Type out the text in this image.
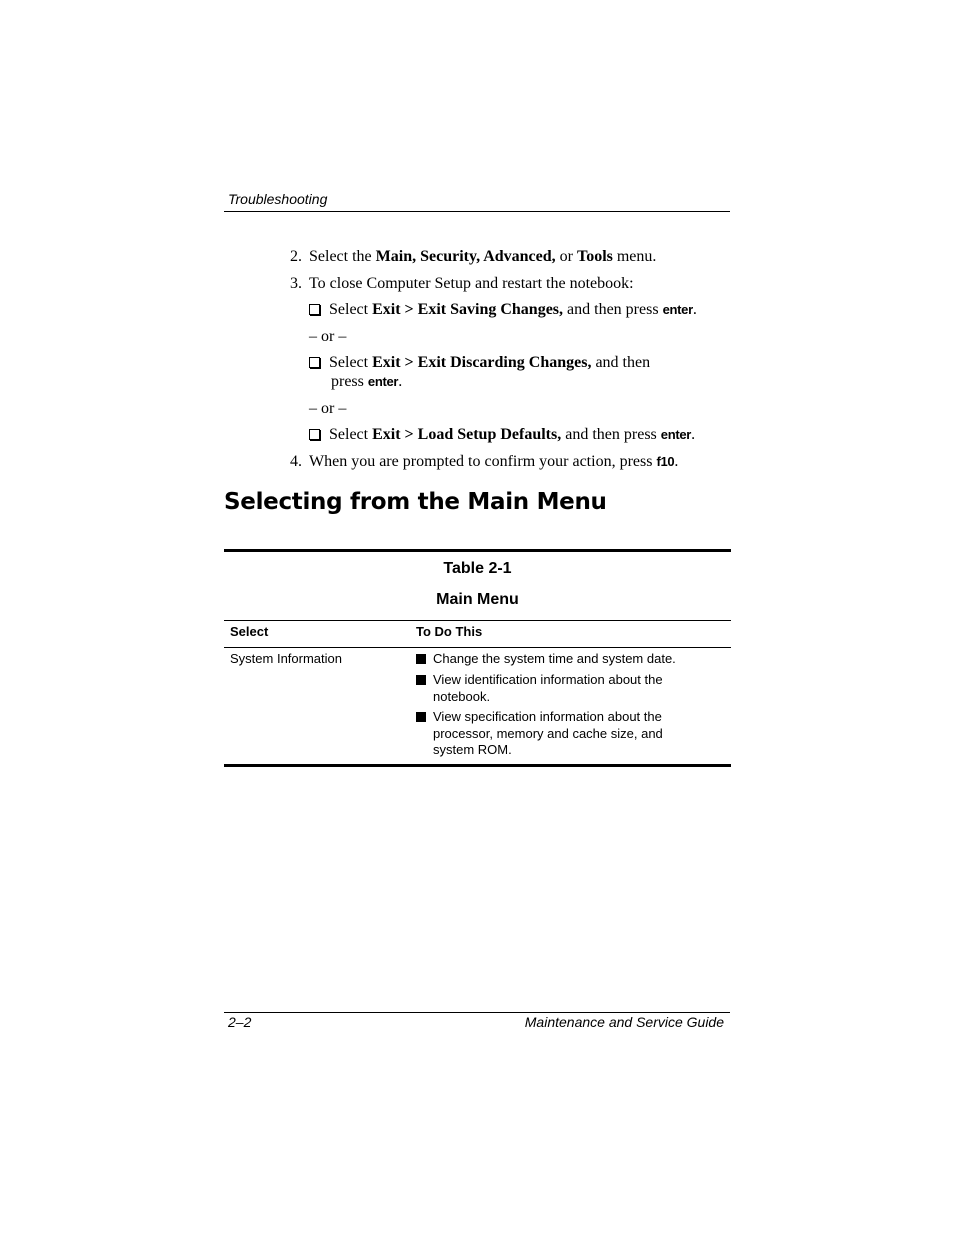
Troubleshooting
2. Select the Main, Security, Advanced, or Tools menu.
3. To close Computer Setup and restart the notebook:
Select Exit > Exit Saving Changes, and then press enter.
– or –
Select Exit > Exit Discarding Changes, and then
press enter.
– or –
Select Exit > Load Setup Defaults, and then press enter.
4. When you are prompted to confirm your action, press f10.
Selecting from the Main Menu
Table 2-1
Main Menu
Select	To Do This
System Information	Change the system time and system date.
View identification information about the
notebook.
View specification information about the
processor, memory and cache size, and
system ROM.
2–2	Maintenance and Service Guide
